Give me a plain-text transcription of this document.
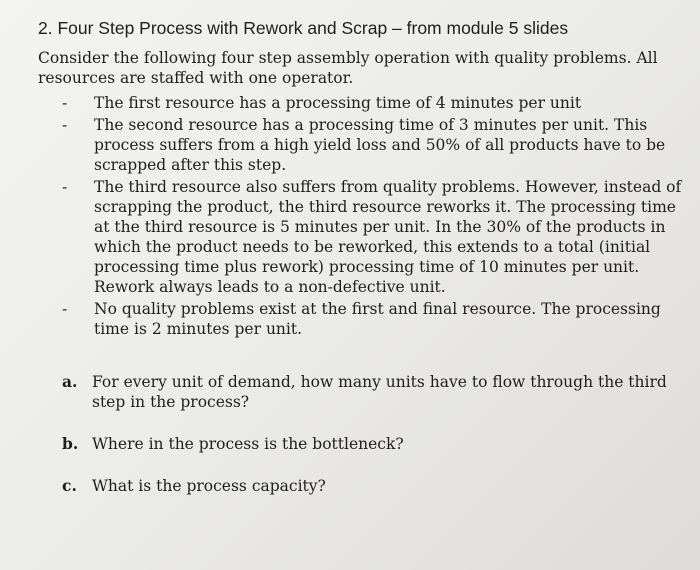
2. Four Step Process with Rework and Scrap – from module 5 slides

Consider the following four step assembly operation with quality problems. All resources are staffed with one operator.

-	The first resource has a processing time of 4 minutes per unit
-	The second resource has a processing time of 3 minutes per unit. This process suffers from a high yield loss and 50% of all products have to be scrapped after this step.
-	The third resource also suffers from quality problems. However, instead of scrapping the product, the third resource reworks it. The processing time at the third resource is 5 minutes per unit. In the 30% of the products in which the product needs to be reworked, this extends to a total (initial processing time plus rework) processing time of 10 minutes per unit. Rework always leads to a non-defective unit.
-	No quality problems exist at the first and final resource. The processing time is 2 minutes per unit.
a. For every unit of demand, how many units have to flow through the third step in the process?
b. Where in the process is the bottleneck?
c. What is the process capacity?
